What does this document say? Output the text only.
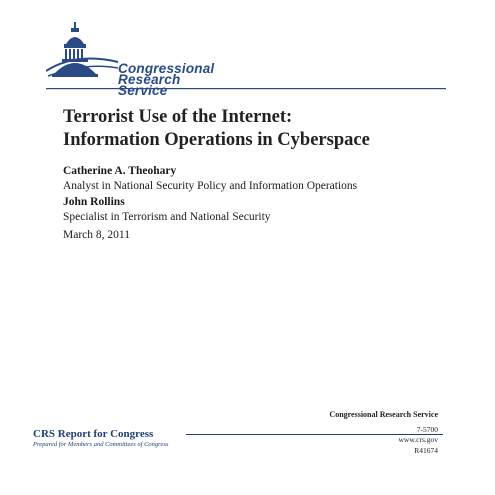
Congressional
Research
Service
Terrorist Use of the Internet:
Information Operations in Cyberspace
Catherine A. Theohary
Analyst in National Security Policy and Information Operations
John Rollins
Specialist in Terrorism and National Security
March 8, 2011
Congressional Research Service
7-5700
www.crs.gov
R41674
CRS Report for Congress
Prepared for Members and Committees of Congress
